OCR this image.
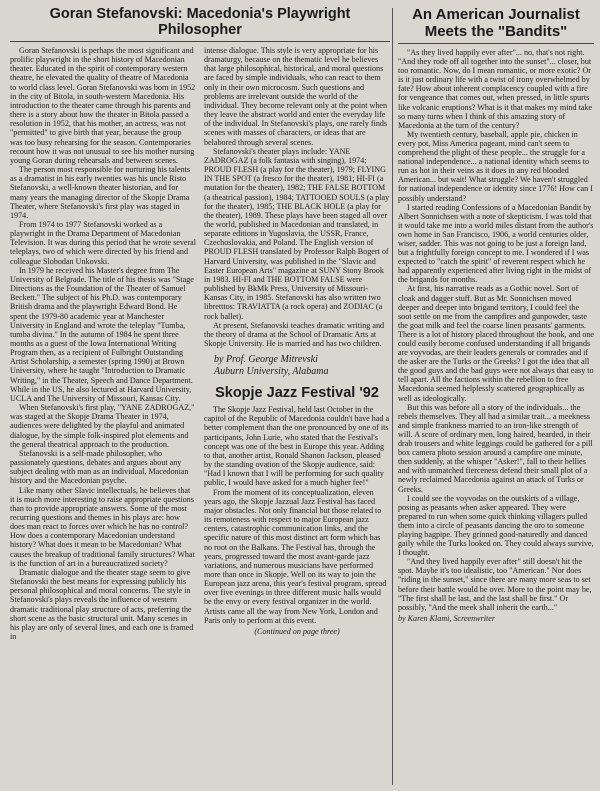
Goran Stefanovski: Macedonia's Playwright Philosopher

Goran Stefanovski is perhaps the most significant and prolific playwright in the short history of Macedonian theater. Educated in the spirit of contemporary western theatre, he elevated the quality of theatre of Macedonia to world class level. Goran Stefanovski was born in 1952 in the city of Bitola, in south-western Macedonia. His introduction to the theater came through his parents and there is a story about how the theater in Bitola passed a resolution in 1952, that his mother, an actress, was not "permitted" to give birth that year, because the group was too busy rehearsing for the season. Contemporaries recount how it was not unusual to see his mother nursing young Goran during rehearsals and between scenes.

The person most responsible for nurturing his talents as a dramatist in his early twenties was his uncle Risto Stefanovski, a well-known theater historian, and for many years the managing director of the Skopje Drama Theater, where Stefanovski's first play was staged in 1974.

From 1974 to 1977 Stefanovski worked as a playwright in the Drama Department of Macedonian Television. It was during this period that he wrote several teleplays, two of which were directed by his friend and colleague Slobodan Unkovski.

In 1979 he received his Master's degree from The University of Belgrade. The title of his thesis was "Stage Directions as the Foundation of the Theater of Samuel Beckett." The subject of his Ph.D. was contemporary British drama and the playwright Edward Bond. He spent the 1979-80 academic year at Manchester University in England and wrote the teleplay "Tumba, tumba divina." In the autumn of 1984 he spent three months as a guest of the Iowa International Writing Program then, as a recipient of Fulbright Outstanding Artist Scholarship, a semester (spring 1990) at Brown University, where he taught "Introduction to Dramatic Writing," in the Theater, Speech and Dance Department. While in the US, he also lectured at Harvard University, UCLA and The University of Missouri, Kansas City.

When Stefanovski's first play, "YANE ZADROGAZ," was staged at the Skopje Drama Theater in 1974, audiences were delighted by the playful and animated dialogue, by the simple folk-inspired plot elements and the general theatrical approach to the production.

Stefanovski is a self-made philosopher, who passionately questions, debates and argues about any subject dealing with man as an individual, Macedonian history and the Macedonian psyche.

Like many other Slavic intellectuals, he believes that it is much more interesting to raise appropriate questions than to provide appropriate answers. Some of the most recurring questions and themes in his plays are: how does man react to forces over which he has no control? How does a contemporary Macedonian understand history? What does it mean to be Macedonian? What causes the breakup of traditional family structures? What is the function of art in a bureaucratized society?

Dramatic dialogue and the theater stage seem to give Stefanovski the best means for expressing publicly his personal philosophical and moral concerns. The style in Stefanovski's plays reveals the influence of western dramatic traditional play structure of acts, preferring the short scene as the basic structural unit. Many scenes in his play are only of several lines, and each one is framed in

intense dialogue. This style is very appropriate for his dramaturgy, because on the thematic level he believes that large philosophical, historical, and moral questions are faced by simple individuals, who can react to them only in their own microcosm. Such questions and problems are irrelevant outside the world of the individual. They become relevant only at the point when they leave the abstract world and enter the everyday life of the individual. In Stefanovski's plays, one rarely finds scenes with masses of characters, or ideas that are belabored through several scenes.

Stefanovski's theater plays include: YANE ZADROGAZ (a folk fantasia with singing), 1974; PROUD FLESH (a play for the theater), 1979; FLYING IN THE SPOT (a fresco for the theater), 1981; HI-FI (a mutation for the theater), 1982; THE FALSE BOTTOM (a theatrical passion), 1984; TATTOOED SOULS (a play for the theater), 1985; THE BLACK HOLE (a play for the theater), 1989. These plays have been staged all over the world, published in Macedonian and translated, in separate editions in Yugoslavia, the USSR, France, Czechoslovakia, and Poland. The English version of PROUD FLESH translated by Professor Ralph Bogert of Harvard University, was published in the "Slavic and Easter European Arts" magazine at SUNY Stony Brook in 1983. HI-FI and THE BOTTOM FALSE were published by BkMk Press, University of Missouri-Kansas City, in 1985. Stefanovski has also written two libretttos: TRAVIATTA (a rock opera) and ZODIAC (a rock ballet).

At present, Stefanovski teaches dramatic writing and the theory of drama at the School of Dramatic Arts at Skopje University. He is married and has two children.

by Prof. George Mitrevski

Auburn University, Alabama

Skopje Jazz Festival '92

The Skopje Jazz Festival, held last October in the capitol of the Republic of Macedonia couldn't have had a better complement than the one pronounced by one of its participants, John Lurie, who stated that the Festival's concept was one of the best in Europe this year. Adding to that, another artist, Ronald Shanon Jackson, pleased by the standing ovation of the Skopje audience, said: "Had I known that I will be performing for such quality public, I would have asked for a much higher fee!"

From the moment of its conceptualization, eleven years ago, the Skopje Jazzual Jazz Festival has faced major obstacles. Not only financial but those related to its remoteness with respect to major European jazz centers, catastrophic communication links, and the specific nature of this most distinct art form which has no root on the Balkans. The Festival has, through the years, progressed toward the most avant-garde jazz variations, and numerous musicians have performed more than once in Skopje. Well on its way to join the European jazz arena, this year's festival program, spread over five evenings in three different music halls would be the envy or every festival organizer in the world. Artists came all the way from New York, London and Paris only to perform at this event.

(Continued on page three)

An American Journalist Meets the "Bandits"

"As they lived happily ever after"... no, that's not right. "And they rode off all together into the sunset"... closer, but too romantic. Now, do I mean romantic, or more exotic? Or is it just ordinary life with a twist of irony overwhelmed by fate? How about inherent complacency coupled with a fire for vengeance that comes out, when pressed, in little spurts like volcanic eruptions? What is it that makes my mind take so many turns when I think of this amazing story of Macedonia at the turn of the century?

My twentieth century, baseball, apple pie, chicken in every pot, Miss America pageant, mind can't seem to comprehend the plight of these people... the struggle for a national independence... a national identity which seems to run as hot in their veins as it does in any red blooded American... but wait! What struggle? We haven't struggled for national independence or identity since 1776! How can I possibly understand?

I started reading Confessions of a Macedonian Bandit by Albert Sonnichsen with a note of skepticism. I was told that it would take me into a world miles distant from the author's own home in San Francisco, 1906, a world centuries older, wiser, sadder. This was not going to be just a foreign land, but a frightfully foreign concept to me. I wondered if I was expected to "catch the spirit" of reverent respect which he had apparently experienced after living right in the midst of the brigands for months.

At first, his narrative reads as a Gothic novel. Sort of cloak and dagger stuff. But as Mr. Sonnichsen moved deeper and deeper into brigand territory, I could feel the soot settle on me from the campfires and gunpowder, taste the goat milk and feel the coarse linen peasants' garments. There is a lot of history placed throughout the book, and one could easily become confused understanding if all brigands are voyvodas, are their leaders generals or comrades and if the asker are the Turks or the Greeks? I got the idea that all the good guys and the bad guys were not always that easy to tell apart. All the factions within the rebellion to free Macedonia seemed helplessly scattered geographically as well as ideologically.

But this was before all a story of the individuals... the rebels themselves. They all had a similar trait... a meekness and simple frankness married to an iron-like strength of will. A score of ordinary men, long haired, bearded, in their drab trousers and white leggings could be gathered for a pill box camera photo session around a campfire one minute, then suddenly, at the whisper "Asker!", fall to their bellies and with unmatched fierceness defend their small plot of a newly reclaimed Macedonia against an attack of Turks or Greeks.

I could see the voyvodas on the outskirts of a village, posing as peasants when asker appeared. They were prepared to run when some quick thinking villagers pulled them into a circle of peasants dancing the oro to someone playing bagpipe. They grinned good-naturedly and danced gaily while the Turks looked on. They could always survive, I thought.

"And they lived happily ever after" still doesn't hit the spot. Maybe it's too idealistic, too "American." Nor does "riding in the sunset," since there are many more seas to set before their battle would be over. More to the point may be, "The first shall be last, and the last shall be first." Or possibly, "And the meek shall inherit the earth..."

by Karen Klami, Screenwriter
